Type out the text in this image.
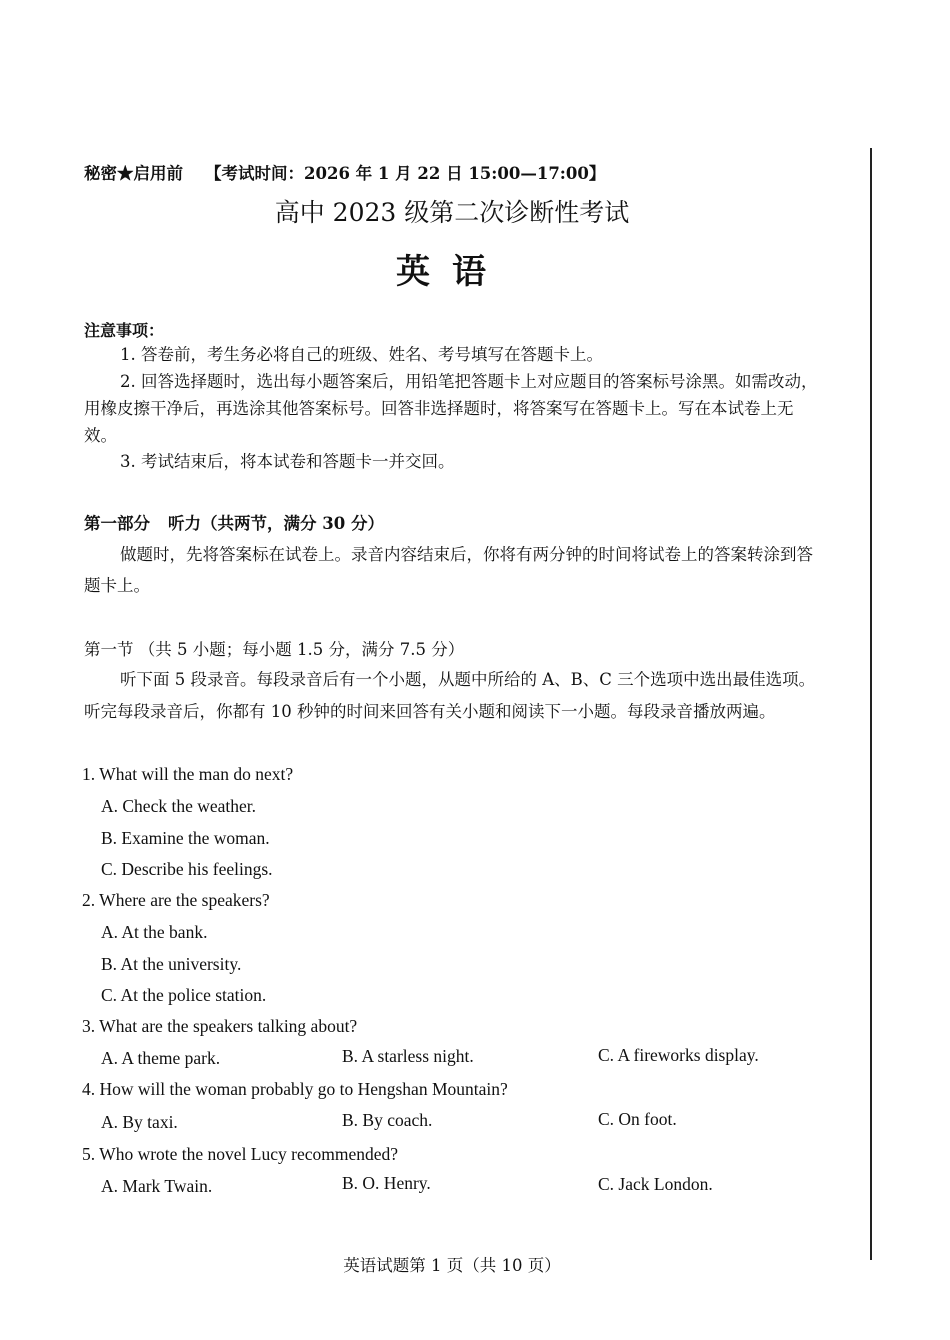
秘密★启用前 【考试时间：2026 年 1 月 22 日 15:00—17:00】
高中 2023 级第二次诊断性考试
英语
注意事项：
1. 答卷前，考生务必将自己的班级、姓名、考号填写在答题卡上。
2. 回答选择题时，选出每小题答案后，用铅笔把答题卡上对应题目的答案标号涂黑。如需改动，用橡皮擦干净后，再选涂其他答案标号。回答非选择题时，将答案写在答题卡上。写在本试卷上无效。
3. 考试结束后，将本试卷和答题卡一并交回。
第一部分 听力（共两节，满分 30 分）
做题时，先将答案标在试卷上。录音内容结束后，你将有两分钟的时间将试卷上的答案转涂到答题卡上。
第一节 （共 5 小题；每小题 1.5 分，满分 7.5 分）
听下面 5 段录音。每段录音后有一个小题，从题中所给的 A、B、C 三个选项中选出最佳选项。听完每段录音后，你都有 10 秒钟的时间来回答有关小题和阅读下一小题。每段录音播放两遍。
1. What will the man do next?
A. Check the weather.
B. Examine the woman.
C. Describe his feelings.
2. Where are the speakers?
A. At the bank.
B. At the university.
C. At the police station.
3. What are the speakers talking about?
A. A theme park.	B. A starless night.	C. A fireworks display.
4. How will the woman probably go to Hengshan Mountain?
A. By taxi.	B. By coach.	C. On foot.
5. Who wrote the novel Lucy recommended?
A. Mark Twain.	B. O. Henry.	C. Jack London.
英语试题第 1 页（共 10 页）
